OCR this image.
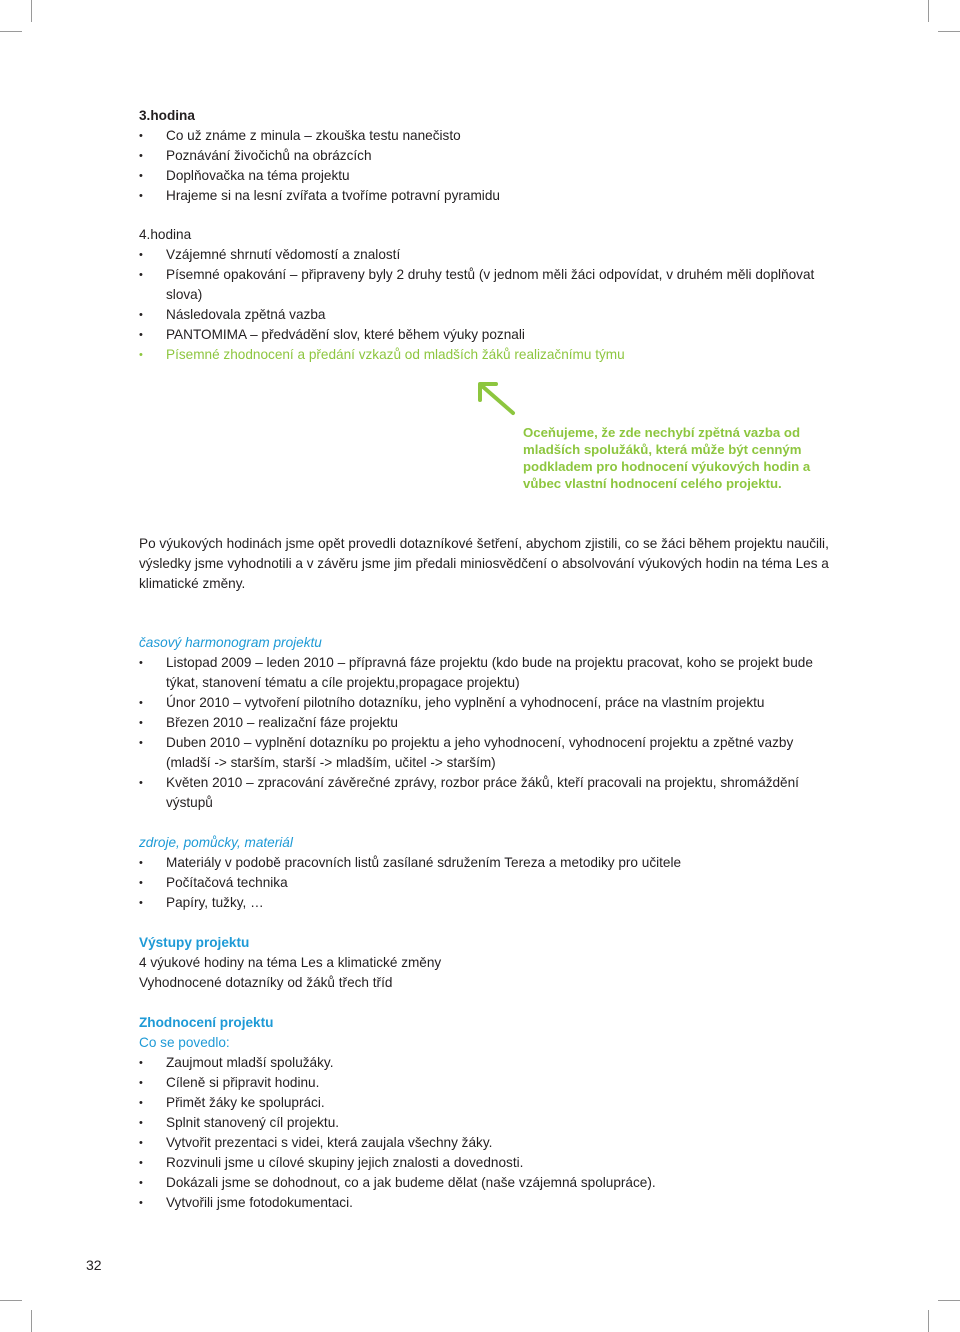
3.hodina
• Co už známe z minula – zkouška testu nanečisto
• Poznávání živočichů na obrázcích
• Doplňovačka na téma projektu
• Hrajeme si na lesní zvířata a tvoříme potravní pyramidu
4.hodina
• Vzájemné shrnutí vědomostí a znalostí
• Písemné opakování – připraveny byly 2 druhy testů (v jednom měli žáci odpovídat, v druhém měli doplňovat slova)
• Následovala zpětná vazba
• PANTOMIMA – předvádění slov, které během výuky poznali
• Písemné zhodnocení a předání vzkazů od mladších žáků realizačnímu týmu
Po výukových hodinách jsme opět provedli dotazníkové šetření, abychom zjistili, co se žáci během projektu naučili, výsledky jsme vyhodnotili a v závěru jsme jim předali miniosvědčení o absolvování výukových hodin na téma Les a klimatické změny.
časový harmonogram projektu
• Listopad 2009 – leden 2010 – přípravná fáze projektu (kdo bude na projektu pracovat, koho se projekt bude týkat, stanovení tématu a cíle projektu,propagace projektu)
• Únor 2010 – vytvoření pilotního dotazníku, jeho vyplnění a vyhodnocení, práce na vlastním projektu
• Březen 2010 – realizační fáze projektu
• Duben 2010 – vyplnění dotazníku po projektu a jeho vyhodnocení, vyhodnocení projektu a zpětné vazby (mladší -> starším, starší -> mladším, učitel -> starším)
• Květen 2010 – zpracování závěrečné zprávy, rozbor práce žáků, kteří pracovali na projektu, shromáždění výstupů
zdroje, pomůcky, materiál
• Materiály v podobě pracovních listů zasílané sdružením Tereza a metodiky pro učitele
• Počítačová technika
• Papíry, tužky, …
Výstupy projektu
4 výukové hodiny na téma Les a klimatické změny
Vyhodnocené dotazníky od žáků třech tříd
Zhodnocení projektu
Co se povedlo:
• Zaujmout mladší spolužáky.
• Cíleně si připravit hodinu.
• Přimět žáky ke spolupráci.
• Splnit stanovený cíl projektu.
• Vytvořit prezentaci s videi, která zaujala všechny žáky.
• Rozvinuli jsme u cílové skupiny jejich znalosti a dovednosti.
• Dokázali jsme se dohodnout, co a jak budeme dělat (naše vzájemná spolupráce).
• Vytvořili jsme fotodokumentaci.
Oceňujeme, že zde nechybí zpětná vazba od mladších spolužáků, která může být cenným podkladem pro hodnocení výukových hodin a vůbec vlastní hodnocení celého projektu.
32
